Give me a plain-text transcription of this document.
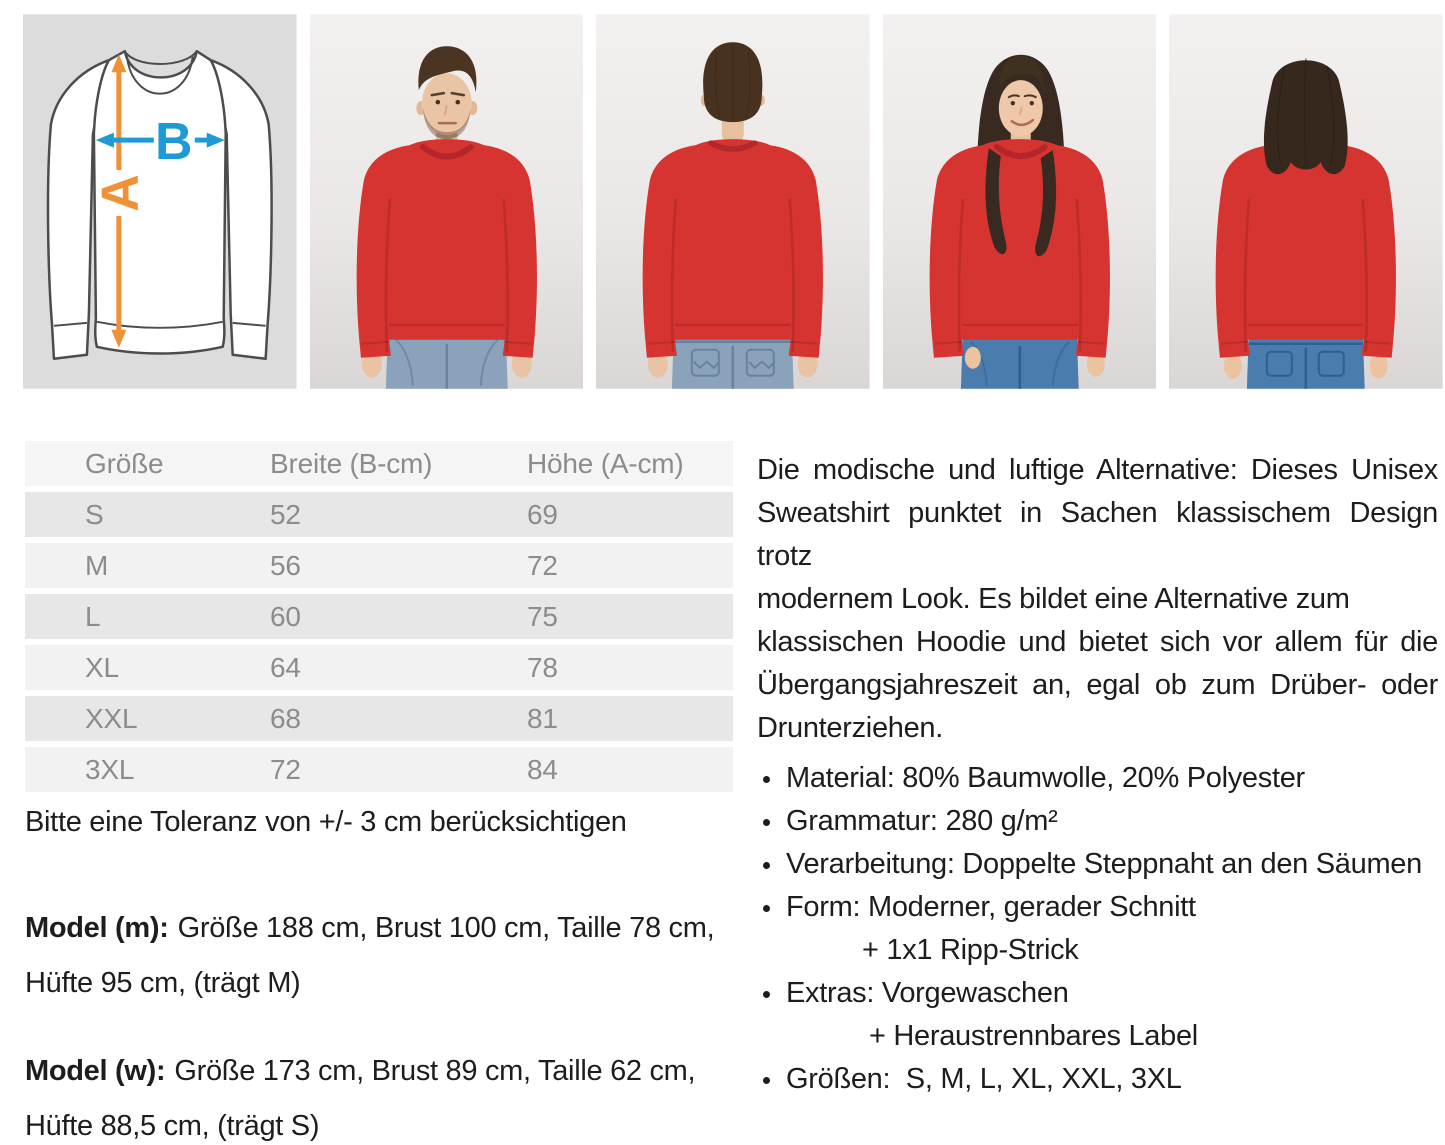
A
B
Größe	Breite (B-cm)	Höhe (A-cm)
S	52	69
M	56	72
L	60	75
XL	64	78
XXL	68	81
3XL	72	84

Bitte eine Toleranz von +/- 3 cm berücksichtigen

Model (m): Größe 188 cm, Brust 100 cm, Taille 78 cm, Hüfte 95 cm, (trägt M)

Model (w): Größe 173 cm, Brust 89 cm, Taille 62 cm, Hüfte 88,5 cm, (trägt S)

Die modische und luftige Alternative: Dieses Unisex
Sweatshirt punktet in Sachen klassischem Design trotz
modernem Look. Es bildet eine Alternative zum
klassischen Hoodie und bietet sich vor allem für die
Übergangsjahreszeit an, egal ob zum Drüber- oder
Drunterziehen.
Material: 80% Baumwolle, 20% Polyester
Grammatur: 280 g/m²
Verarbeitung: Doppelte Steppnaht an den Säumen
Form: Moderner, gerader Schnitt
+ 1x1 Ripp-Strick
Extras: Vorgewaschen
+ Heraustrennbares Label
Größen:  S, M, L, XL, XXL, 3XL
